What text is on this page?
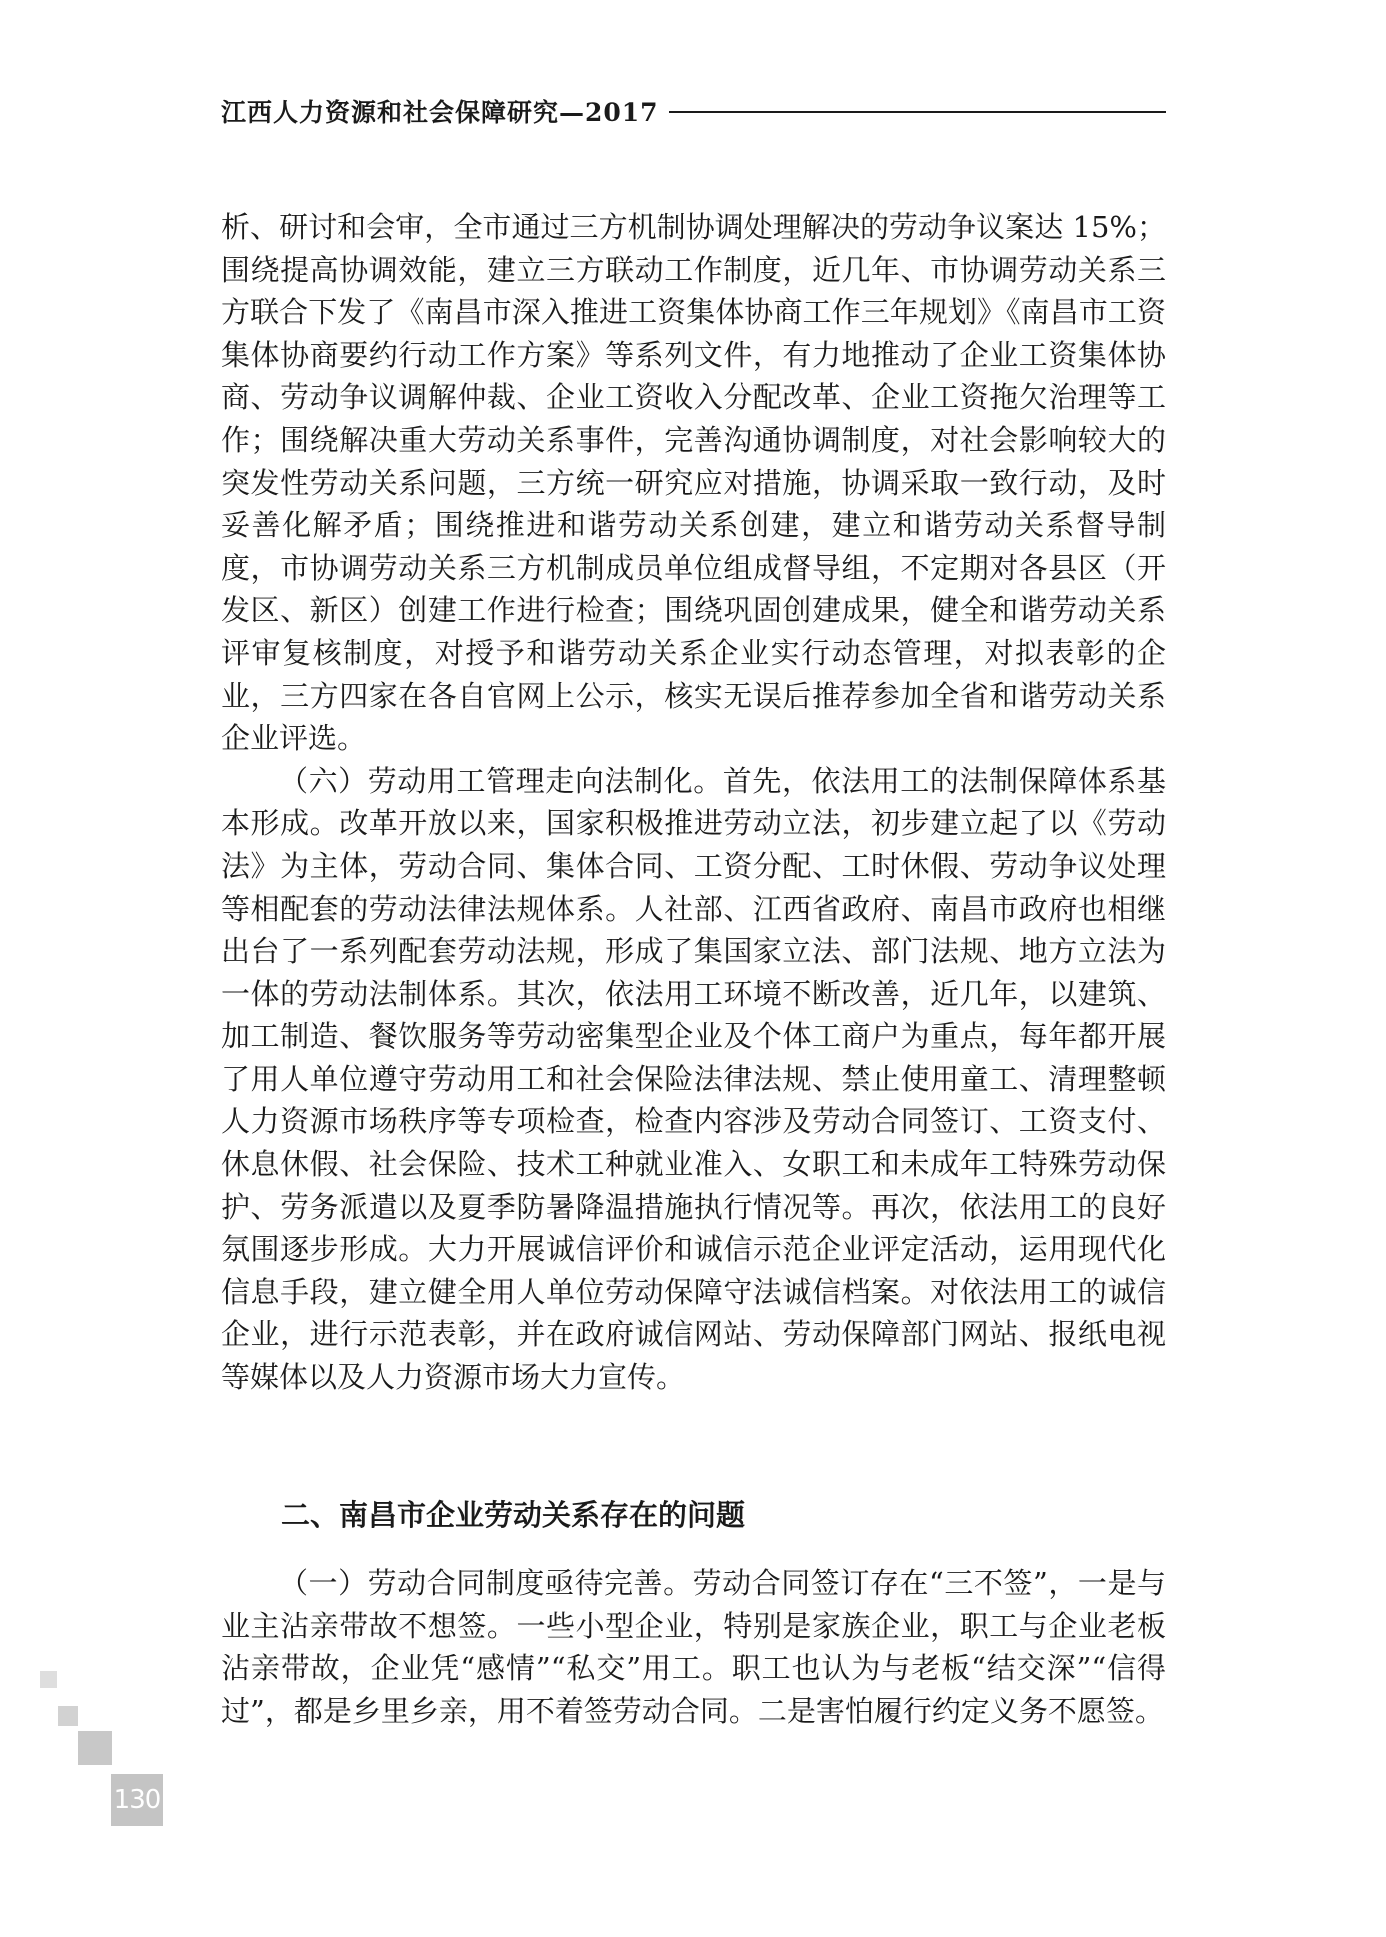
江西人力资源和社会保障研究—2017

析、研讨和会审，全市通过三方机制协调处理解决的劳动争议案达 15%；围绕提高协调效能，建立三方联动工作制度，近几年、市协调劳动关系三方联合下发了《南昌市深入推进工资集体协商工作三年规划》《南昌市工资集体协商要约行动工作方案》等系列文件，有力地推动了企业工资集体协商、劳动争议调解仲裁、企业工资收入分配改革、企业工资拖欠治理等工作；围绕解决重大劳动关系事件，完善沟通协调制度，对社会影响较大的突发性劳动关系问题，三方统一研究应对措施，协调采取一致行动，及时妥善化解矛盾；围绕推进和谐劳动关系创建，建立和谐劳动关系督导制度，市协调劳动关系三方机制成员单位组成督导组，不定期对各县区（开发区、新区）创建工作进行检查；围绕巩固创建成果，健全和谐劳动关系评审复核制度，对授予和谐劳动关系企业实行动态管理，对拟表彰的企业，三方四家在各自官网上公示，核实无误后推荐参加全省和谐劳动关系企业评选。

（六）劳动用工管理走向法制化。首先，依法用工的法制保障体系基本形成。改革开放以来，国家积极推进劳动立法，初步建立起了以《劳动法》为主体，劳动合同、集体合同、工资分配、工时休假、劳动争议处理等相配套的劳动法律法规体系。人社部、江西省政府、南昌市政府也相继出台了一系列配套劳动法规，形成了集国家立法、部门法规、地方立法为一体的劳动法制体系。其次，依法用工环境不断改善，近几年，以建筑、加工制造、餐饮服务等劳动密集型企业及个体工商户为重点，每年都开展了用人单位遵守劳动用工和社会保险法律法规、禁止使用童工、清理整顿人力资源市场秩序等专项检查，检查内容涉及劳动合同签订、工资支付、休息休假、社会保险、技术工种就业准入、女职工和未成年工特殊劳动保护、劳务派遣以及夏季防暑降温措施执行情况等。再次，依法用工的良好氛围逐步形成。大力开展诚信评价和诚信示范企业评定活动，运用现代化信息手段，建立健全用人单位劳动保障守法诚信档案。对依法用工的诚信企业，进行示范表彰，并在政府诚信网站、劳动保障部门网站、报纸电视等媒体以及人力资源市场大力宣传。

二、南昌市企业劳动关系存在的问题

（一）劳动合同制度亟待完善。劳动合同签订存在“三不签”，一是与业主沾亲带故不想签。一些小型企业，特别是家族企业，职工与企业老板沾亲带故，企业凭“感情”“私交”用工。职工也认为与老板“结交深”“信得过”，都是乡里乡亲，用不着签劳动合同。二是害怕履行约定义务不愿签。

130
